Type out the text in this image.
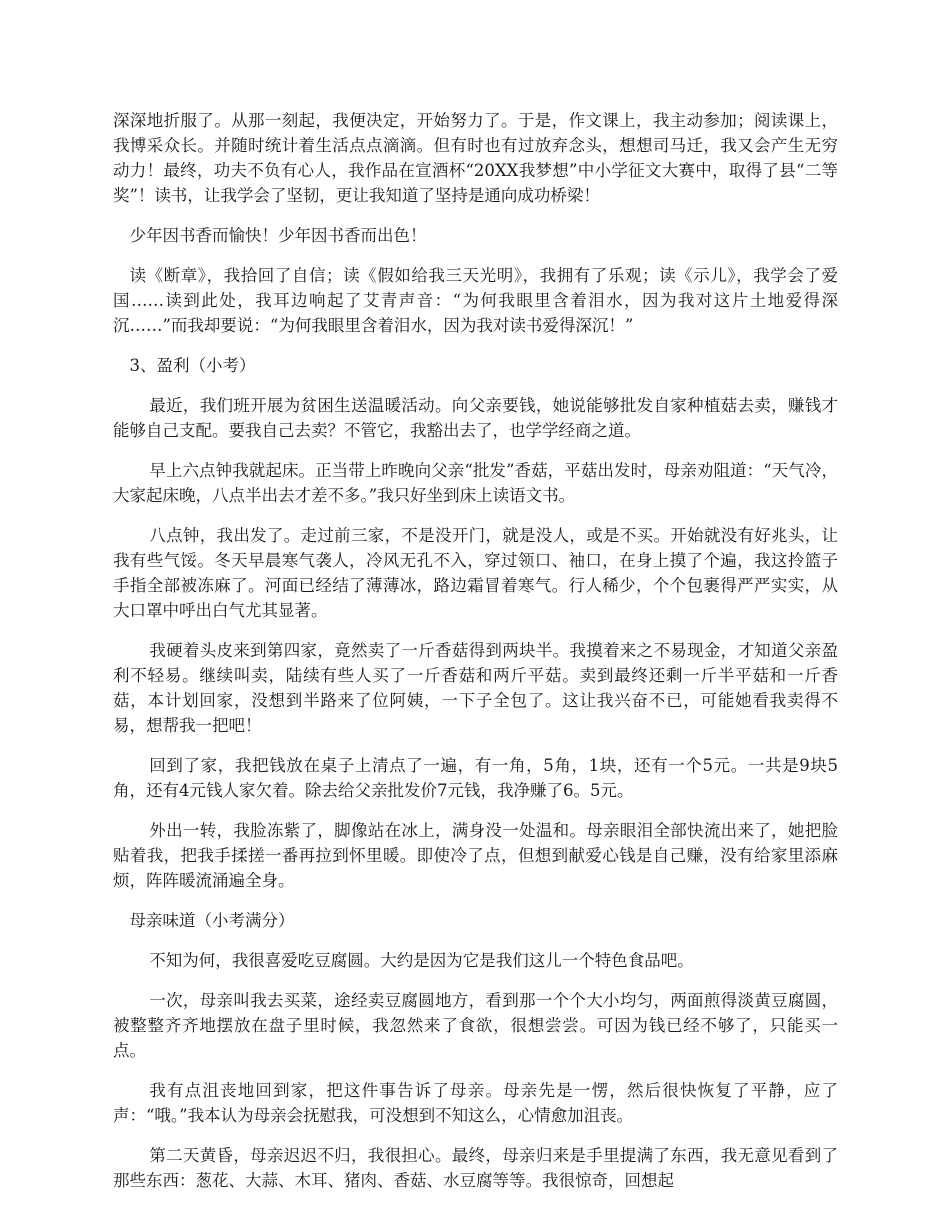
深深地折服了。从那一刻起，我便决定，开始努力了。于是，作文课上，我主动参加；阅读课上，我博采众长。并随时统计着生活点点滴滴。但有时也有过放弃念头，想想司马迁，我又会产生无穷动力！最终，功夫不负有心人，我作品在宣酒杯“20XX我梦想”中小学征文大赛中，取得了县“二等奖”！读书，让我学会了坚韧，更让我知道了坚持是通向成功桥梁！

少年因书香而愉快！少年因书香而出色！

读《断章》，我拾回了自信；读《假如给我三天光明》，我拥有了乐观；读《示儿》，我学会了爱国……读到此处，我耳边响起了艾青声音：“为何我眼里含着泪水，因为我对这片土地爱得深沉……”而我却要说：“为何我眼里含着泪水，因为我对读书爱得深沉！”

3、盈利（小考）

最近，我们班开展为贫困生送温暖活动。向父亲要钱，她说能够批发自家种植菇去卖，赚钱才能够自己支配。要我自己去卖？不管它，我豁出去了，也学学经商之道。

早上六点钟我就起床。正当带上昨晚向父亲“批发”香菇，平菇出发时，母亲劝阻道：“天气冷，大家起床晚，八点半出去才差不多。”我只好坐到床上读语文书。

八点钟，我出发了。走过前三家，不是没开门，就是没人，或是不买。开始就没有好兆头，让我有些气馁。冬天早晨寒气袭人，冷风无孔不入，穿过领口、袖口，在身上摸了个遍，我这拎篮子手指全部被冻麻了。河面已经结了薄薄冰，路边霜冒着寒气。行人稀少，个个包裹得严严实实，从大口罩中呼出白气尤其显著。

我硬着头皮来到第四家，竟然卖了一斤香菇得到两块半。我摸着来之不易现金，才知道父亲盈利不轻易。继续叫卖，陆续有些人买了一斤香菇和两斤平菇。卖到最终还剩一斤半平菇和一斤香菇，本计划回家，没想到半路来了位阿姨，一下子全包了。这让我兴奋不已，可能她看我卖得不易，想帮我一把吧！

回到了家，我把钱放在桌子上清点了一遍，有一角，5角，1块，还有一个5元。一共是9块5角，还有4元钱人家欠着。除去给父亲批发价7元钱，我净赚了6。5元。

外出一转，我脸冻紫了，脚像站在冰上，满身没一处温和。母亲眼泪全部快流出来了，她把脸贴着我，把我手揉搓一番再拉到怀里暖。即使冷了点，但想到献爱心钱是自己赚，没有给家里添麻烦，阵阵暖流涌遍全身。

母亲味道（小考满分）

不知为何，我很喜爱吃豆腐圆。大约是因为它是我们这儿一个特色食品吧。

一次，母亲叫我去买菜，途经卖豆腐圆地方，看到那一个个大小均匀，两面煎得淡黄豆腐圆，被整整齐齐地摆放在盘子里时候，我忽然来了食欲，很想尝尝。可因为钱已经不够了，只能买一点。

我有点沮丧地回到家，把这件事告诉了母亲。母亲先是一愣，然后很快恢复了平静，应了声：“哦。”我本认为母亲会抚慰我，可没想到不知这么，心情愈加沮丧。

第二天黄昏，母亲迟迟不归，我很担心。最终，母亲归来是手里提满了东西，我无意见看到了那些东西：葱花、大蒜、木耳、猪肉、香菇、水豆腐等等。我很惊奇，回想起
